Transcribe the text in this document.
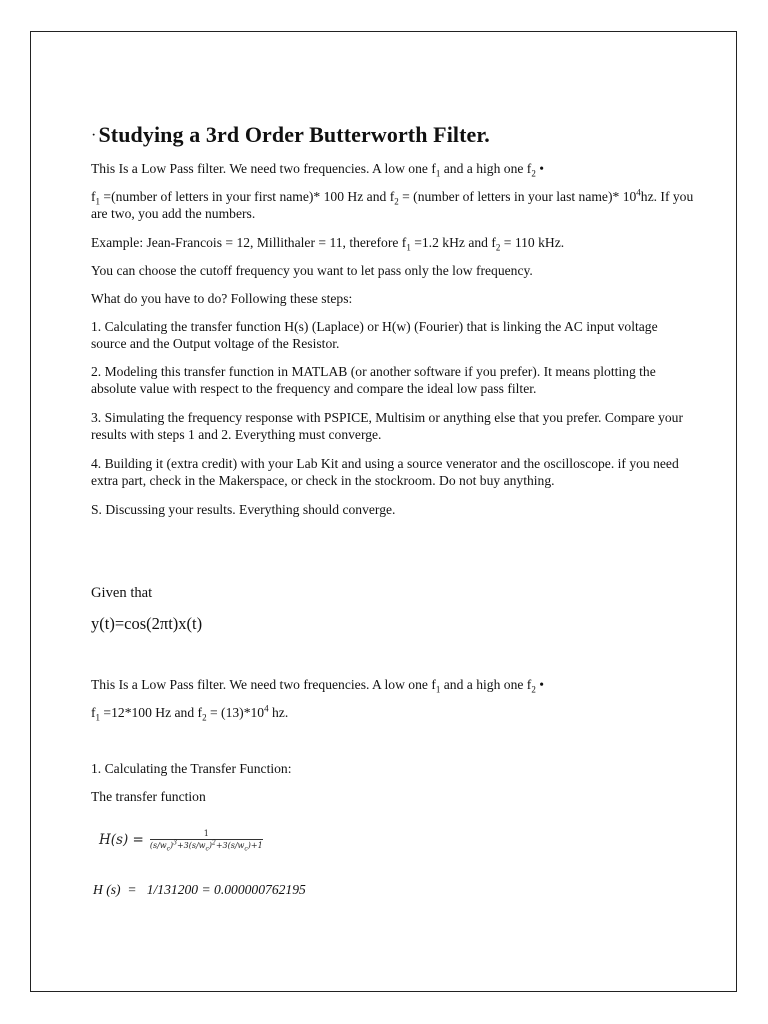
·Studying a 3rd Order Butterworth Filter.

This Is a Low Pass filter. We need two frequencies. A low one $f_1$ and a high one $f_2$ •

$f_1$ =(number of letters in your first name)* 100 Hz and $f_2$ = (number of letters in your last name)* $10^4hz$. If you are two, you add the numbers.

Example: Jean-Francois = 12, Millithaler = 11, therefore $f_1 =1.2$ kHz and $f_2 = 110$ kHz.

You can choose the cutoff frequency you want to let pass only the low frequency.

What do you have to do? Following these steps:

1. Calculating the transfer function H(s) (Laplace) or H(w) (Fourier) that is linking the AC input voltage source and the Output voltage of the Resistor.

2. Modeling this transfer function in MATLAB (or another software if you prefer). It means plotting the absolute value with respect to the frequency and compare the ideal low pass filter.

3. Simulating the frequency response with PSPICE, Multisim or anything else that you prefer. Compare your results with steps 1 and 2. Everything must converge.

4. Building it (extra credit) with your Lab Kit and using a source venerator and the oscilloscope. if you need extra part, check in the Makerspace, or check in the stockroom. Do not buy anything.

S. Discussing your results. Everything should converge.

Given that

y(t)=cos(2πt)x(t)

This Is a Low Pass filter. We need two frequencies. A low one $f_1$ and a high one $f_2$ •

$f_1 =12*100$ Hz and $f_2 = (13)*10^4$ hz.

1. Calculating the Transfer Function:

The transfer function

$H(s) = \frac{1}{(s/w_c)^3+3(s/w_c)^2+3(s/w_c)+1}$
H (s)  =   1/131200 = 0.000000762195
